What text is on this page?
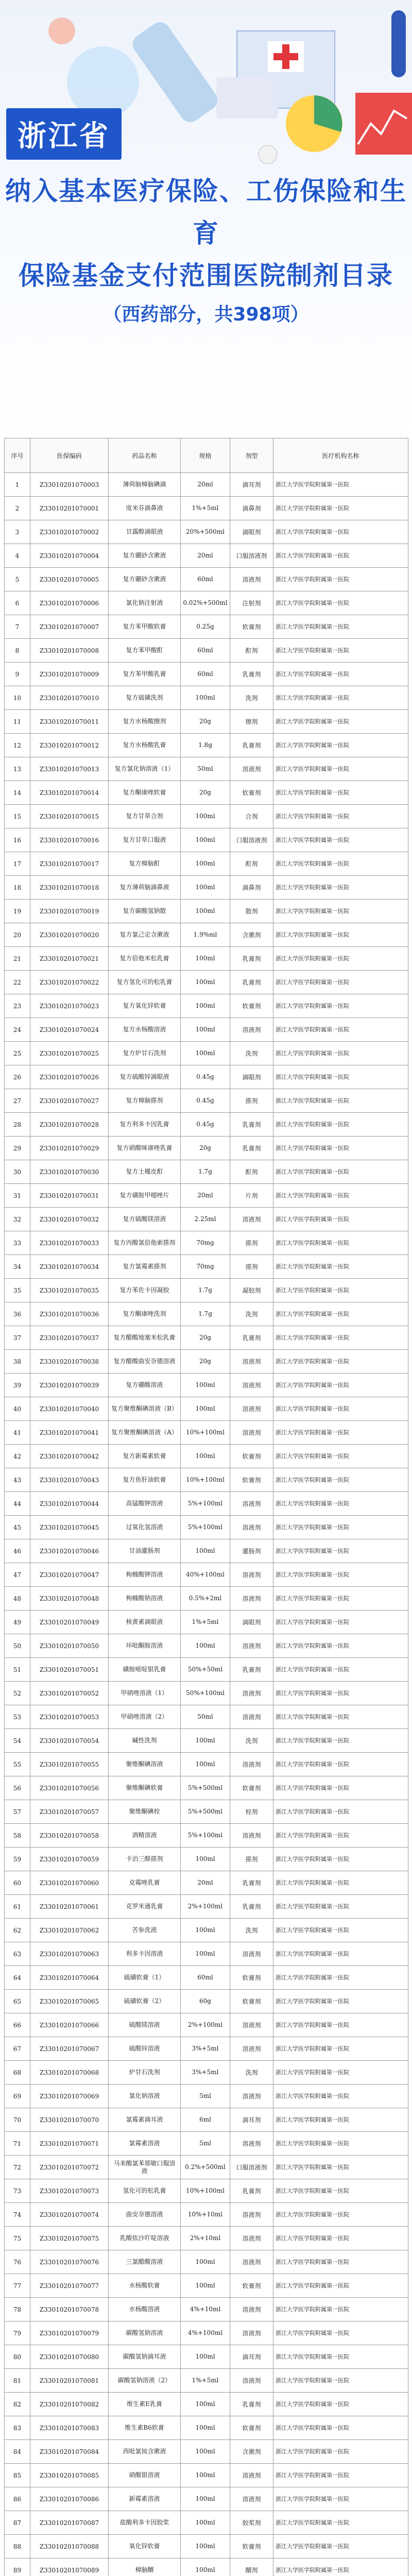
浙江省
纳入基本医疗保险、工伤保险和生育
保险基金支付范围医院制剂目录
（西药部分，共398项）
序号	医保编码	药品名称	规格	剂型	医疗机构名称
1	Z33010201070003	薄荷脑樟脑碘滴	20ml	滴耳剂	浙江大学医学院附属第一医院
2	Z33010201070001	度米芬滴鼻液	1%+5ml	滴鼻剂	浙江大学医学院附属第一医院
3	Z33010201070002	甘露醇滴眼液	20%+500ml	滴眼剂	浙江大学医学院附属第一医院
4	Z33010201070004	复方硼砂含漱液	20ml	口服溶液剂	浙江大学医学院附属第一医院
5	Z33010201070005	复方硼砂含漱液	60ml	溶液剂	浙江大学医学院附属第一医院
6	Z33010201070006	氯化钠注射液	0.02%+500ml	注射剂	浙江大学医学院附属第一医院
7	Z33010201070007	复方苯甲酸软膏	0.25g	软膏剂	浙江大学医学院附属第一医院
8	Z33010201070008	复方苯甲酸酊	60ml	酊剂	浙江大学医学院附属第一医院
9	Z33010201070009	复方苯甲酸乳膏	60ml	乳膏剂	浙江大学医学院附属第一医院
10	Z33010201070010	复方硫磺洗剂	100ml	洗剂	浙江大学医学院附属第一医院
11	Z33010201070011	复方水杨酸擦剂	20g	擦剂	浙江大学医学院附属第一医院
12	Z33010201070012	复方水杨酸乳膏	1.8g	乳膏剂	浙江大学医学院附属第一医院
13	Z33010201070013	复方氯化钠溶液（1）	50ml	溶液剂	浙江大学医学院附属第一医院
14	Z33010201070014	复方酮康唑软膏	20g	软膏剂	浙江大学医学院附属第一医院
15	Z33010201070015	复方甘草合剂	100ml	合剂	浙江大学医学院附属第一医院
16	Z33010201070016	复方甘草口服液	100ml	口服溶液剂	浙江大学医学院附属第一医院
17	Z33010201070017	复方樟脑酊	100ml	酊剂	浙江大学医学院附属第一医院
18	Z33010201070018	复方薄荷脑滴鼻液	100ml	滴鼻剂	浙江大学医学院附属第一医院
19	Z33010201070019	复方碳酸氢钠散	100ml	散剂	浙江大学医学院附属第一医院
20	Z33010201070020	复方氯己定含漱液	1.9%ml	含漱剂	浙江大学医学院附属第一医院
21	Z33010201070021	复方倍他米松乳膏	100ml	乳膏剂	浙江大学医学院附属第一医院
22	Z33010201070022	复方氢化可的松乳膏	100ml	乳膏剂	浙江大学医学院附属第一医院
23	Z33010201070023	复方氧化锌软膏	100ml	软膏剂	浙江大学医学院附属第一医院
24	Z33010201070024	复方水杨酸溶液	100ml	溶液剂	浙江大学医学院附属第一医院
25	Z33010201070025	复方炉甘石洗剂	100ml	洗剂	浙江大学医学院附属第一医院
26	Z33010201070026	复方硫酸锌滴眼液	0.45g	滴眼剂	浙江大学医学院附属第一医院
27	Z33010201070027	复方樟脑搽剂	0.45g	搽剂	浙江大学医学院附属第一医院
28	Z33010201070028	复方利多卡因乳膏	0.45g	乳膏剂	浙江大学医学院附属第一医院
29	Z33010201070029	复方硝酸咪康唑乳膏	20g	乳膏剂	浙江大学医学院附属第一医院
30	Z33010201070030	复方土槿皮酊	1.7g	酊剂	浙江大学医学院附属第一医院
31	Z33010201070031	复方磺胺甲噁唑片	20ml	片剂	浙江大学医学院附属第一医院
32	Z33010201070032	复方硫酸镁溶液	2.25ml	溶液剂	浙江大学医学院附属第一医院
33	Z33010201070033	复方丙酸氯倍他索搽剂	70mg	搽剂	浙江大学医学院附属第一医院
34	Z33010201070034	复方氯霉素搽剂	70mg	搽剂	浙江大学医学院附属第一医院
35	Z33010201070035	复方苯佐卡因凝胶	1.7g	凝胶剂	浙江大学医学院附属第一医院
36	Z33010201070036	复方酮康唑洗剂	1.7g	洗剂	浙江大学医学院附属第一医院
37	Z33010201070037	复方醋酸地塞米松乳膏	20g	乳膏剂	浙江大学医学院附属第一医院
38	Z33010201070038	复方醋酸曲安奈德溶液	20g	溶液剂	浙江大学医学院附属第一医院
39	Z33010201070039	复方硼酸溶液	100ml	溶液剂	浙江大学医学院附属第一医院
40	Z33010201070040	复方聚维酮碘溶液（B）	100ml	溶液剂	浙江大学医学院附属第一医院
41	Z33010201070041	复方聚维酮碘溶液（A）	10%+100ml	溶液剂	浙江大学医学院附属第一医院
42	Z33010201070042	复方新霉素软膏	100ml	软膏剂	浙江大学医学院附属第一医院
43	Z33010201070043	复方鱼肝油软膏	10%+100ml	软膏剂	浙江大学医学院附属第一医院
44	Z33010201070044	高锰酸钾溶液	5%+100ml	溶液剂	浙江大学医学院附属第一医院
45	Z33010201070045	过氧化氢溶液	5%+100ml	溶液剂	浙江大学医学院附属第一医院
46	Z33010201070046	甘油灌肠剂	100ml	灌肠剂	浙江大学医学院附属第一医院
47	Z33010201070047	枸橼酸钾溶液	40%+100ml	溶液剂	浙江大学医学院附属第一医院
48	Z33010201070048	枸橼酸钠溶液	0.5%+2ml	溶液剂	浙江大学医学院附属第一医院
49	Z33010201070049	核黄素滴眼液	1%+5ml	滴眼剂	浙江大学医学院附属第一医院
50	Z33010201070050	环吡酮胺溶液	100ml	溶液剂	浙江大学医学院附属第一医院
51	Z33010201070051	磺胺嘧啶银乳膏	50%+50ml	乳膏剂	浙江大学医学院附属第一医院
52	Z33010201070052	甲硝唑溶液（1）	50%+100ml	溶液剂	浙江大学医学院附属第一医院
53	Z33010201070053	甲硝唑溶液（2）	50ml	溶液剂	浙江大学医学院附属第一医院
54	Z33010201070054	碱性洗剂	100ml	洗剂	浙江大学医学院附属第一医院
55	Z33010201070055	聚维酮碘溶液	100ml	溶液剂	浙江大学医学院附属第一医院
56	Z33010201070056	聚维酮碘软膏	5%+500ml	软膏剂	浙江大学医学院附属第一医院
57	Z33010201070057	聚维酮碘栓	5%+500ml	栓剂	浙江大学医学院附属第一医院
58	Z33010201070058	酒精溶液	5%+100ml	溶液剂	浙江大学医学院附属第一医院
59	Z33010201070059	卡泊三醇搽剂	100ml	搽剂	浙江大学医学院附属第一医院
60	Z33010201070060	克霉唑乳膏	20ml	乳膏剂	浙江大学医学院附属第一医院
61	Z33010201070061	克罗米通乳膏	2%+100ml	乳膏剂	浙江大学医学院附属第一医院
62	Z33010201070062	苦参洗液	100ml	洗剂	浙江大学医学院附属第一医院
63	Z33010201070063	利多卡因溶液	100ml	溶液剂	浙江大学医学院附属第一医院
64	Z33010201070064	硫磺软膏（1）	60ml	软膏剂	浙江大学医学院附属第一医院
65	Z33010201070065	硫磺软膏（2）	60g	软膏剂	浙江大学医学院附属第一医院
66	Z33010201070066	硫酸镁溶液	2%+100ml	溶液剂	浙江大学医学院附属第一医院
67	Z33010201070067	硫酸锌溶液	3%+5ml	溶液剂	浙江大学医学院附属第一医院
68	Z33010201070068	炉甘石洗剂	3%+5ml	洗剂	浙江大学医学院附属第一医院
69	Z33010201070069	氯化钠溶液	5ml	溶液剂	浙江大学医学院附属第一医院
70	Z33010201070070	氯霉素滴耳液	6ml	滴耳剂	浙江大学医学院附属第一医院
71	Z33010201070071	氯霉素溶液	5ml	溶液剂	浙江大学医学院附属第一医院
72	Z33010201070072	马来酸氯苯那敏口服溶液	0.2%+500ml	口服溶液剂	浙江大学医学院附属第一医院
73	Z33010201070073	氢化可的松乳膏	10%+100ml	乳膏剂	浙江大学医学院附属第一医院
74	Z33010201070074	曲安奈德溶液	10%+10ml	溶液剂	浙江大学医学院附属第一医院
75	Z33010201070075	乳酸依沙吖啶溶液	2%+10ml	溶液剂	浙江大学医学院附属第一医院
76	Z33010201070076	三氯醋酸溶液	100ml	溶液剂	浙江大学医学院附属第一医院
77	Z33010201070077	水杨酸软膏	100ml	软膏剂	浙江大学医学院附属第一医院
78	Z33010201070078	水杨酸溶液	4%+10ml	溶液剂	浙江大学医学院附属第一医院
79	Z33010201070079	碳酸氢钠溶液	4%+100ml	溶液剂	浙江大学医学院附属第一医院
80	Z33010201070080	碳酸氢钠滴耳液	100ml	滴耳剂	浙江大学医学院附属第一医院
81	Z33010201070081	碳酸氢钠溶液（2）	1%+5ml	溶液剂	浙江大学医学院附属第一医院
82	Z33010201070082	维生素E乳膏	100ml	乳膏剂	浙江大学医学院附属第一医院
83	Z33010201070083	维生素B6软膏	100ml	软膏剂	浙江大学医学院附属第一医院
84	Z33010201070084	西吡氯铵含漱液	100ml	含漱剂	浙江大学医学院附属第一医院
85	Z33010201070085	硝酸银溶液	100ml	溶液剂	浙江大学医学院附属第一医院
86	Z33010201070086	新霉素溶液	100ml	溶液剂	浙江大学医学院附属第一医院
87	Z33010201070087	盐酸利多卡因胶浆	100ml	胶浆剂	浙江大学医学院附属第一医院
88	Z33010201070088	氧化锌软膏	100ml	软膏剂	浙江大学医学院附属第一医院
89	Z33010201070089	樟脑醑	100ml	醑剂	浙江大学医学院附属第一医院
